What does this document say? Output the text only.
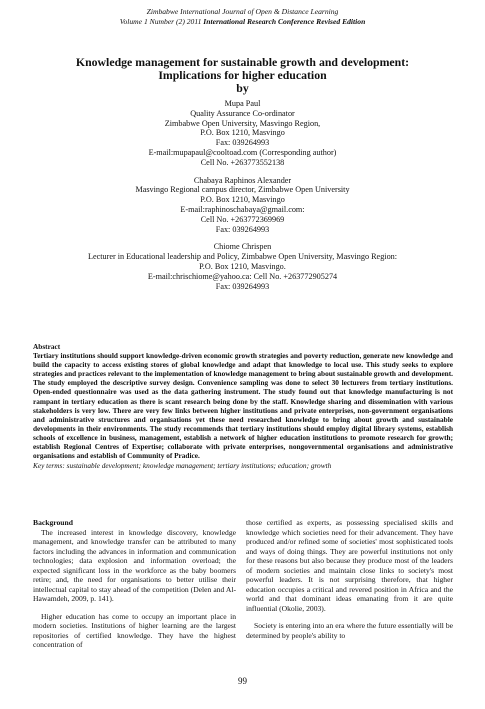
Zimbabwe International Journal of Open & Distance Learning
Volume 1 Number (2) 2011 International Research Conference Revised Edition
Knowledge management for sustainable growth and development:
Implications for higher education
by
Mupa Paul
Quality Assurance Co-ordinator
Zimbabwe Open University, Masvingo Region,
P.O. Box 1210, Masvingo
Fax: 039264993
E-mail:mupapaul@cooltoad.com (Corresponding author)
Cell No. +263773552138
Chabaya Raphinos Alexander
Masvingo Regional campus director, Zimbabwe Open University
P.O. Box 1210, Masvingo
E-mail:raphinoschabaya@gmail.com:
Cell No. +263772369969
Fax: 039264993
Chiome Chrispen
Lecturer in Educational leadership and Policy, Zimbabwe Open University, Masvingo Region:
P.O. Box 1210, Masvingo.
E-mail:chrischiome@yahoo.ca: Cell No. +263772905274
Fax: 039264993
Abstract
Tertiary institutions should support knowledge-driven economic growth strategies and poverty reduction, generate new knowledge and build the capacity to access existing stores of global knowledge and adapt that knowledge to local use. This study seeks to explore strategies and practices relevant to the implementation of knowledge management to bring about sustainable growth and development. The study employed the descriptive survey design. Convenience sampling was done to select 30 lecturers from tertiary institutions. Open-ended questionnaire was used as the data gathering instrument. The study found out that knowledge manufacturing is not rampant in tertiary education as there is scant research being done by the staff. Knowledge sharing and dissemination with various stakeholders is very low. There are very few links between higher institutions and private enterprises, non-government organisations and administrative structures and organisations yet these need researched knowledge to bring about growth and sustainable developments in their environments. The study recommends that tertiary institutions should employ digital library systems, establish schools of excellence in business, management, establish a network of higher education institutions to promote research for growth; establish Regional Centres of Expertise; collaborate with private enterprises, nongovernmental organisations and administrative organisations and establish of Community of Pradice.
Key terms: sustainable development; knowledge management; tertiary institutions; education; growth
Background

The increased interest in knowledge discovery, knowledge management, and knowledge transfer can be attributed to many factors including the advances in information and communication technologies; data explosion and information overload; the expected significant loss in the workforce as the baby boomers retire; and, the need for organisations to better utilise their intellectual capital to stay ahead of the competition (Delen and Al-Hawamdeh, 2009, p. 141).

Higher education has come to occupy an important place in modern societies. Institutions of higher learning are the largest repositories of certified knowledge. They have the highest concentration of

those certified as experts, as possessing specialised skills and knowledge which societies need for their advancement. They have produced and/or refined some of societies' most sophisticated tools and ways of doing things. They are powerful institutions not only for these reasons but also because they produce most of the leaders of modern societies and maintain close links to society's most powerful leaders. It is not surprising therefore, that higher education occupies a critical and revered position in Africa and the world and that dominant ideas emanating from it are quite influential (Okolie, 2003).

Society is entering into an era where the future essentially will be determined by people's ability to

99
